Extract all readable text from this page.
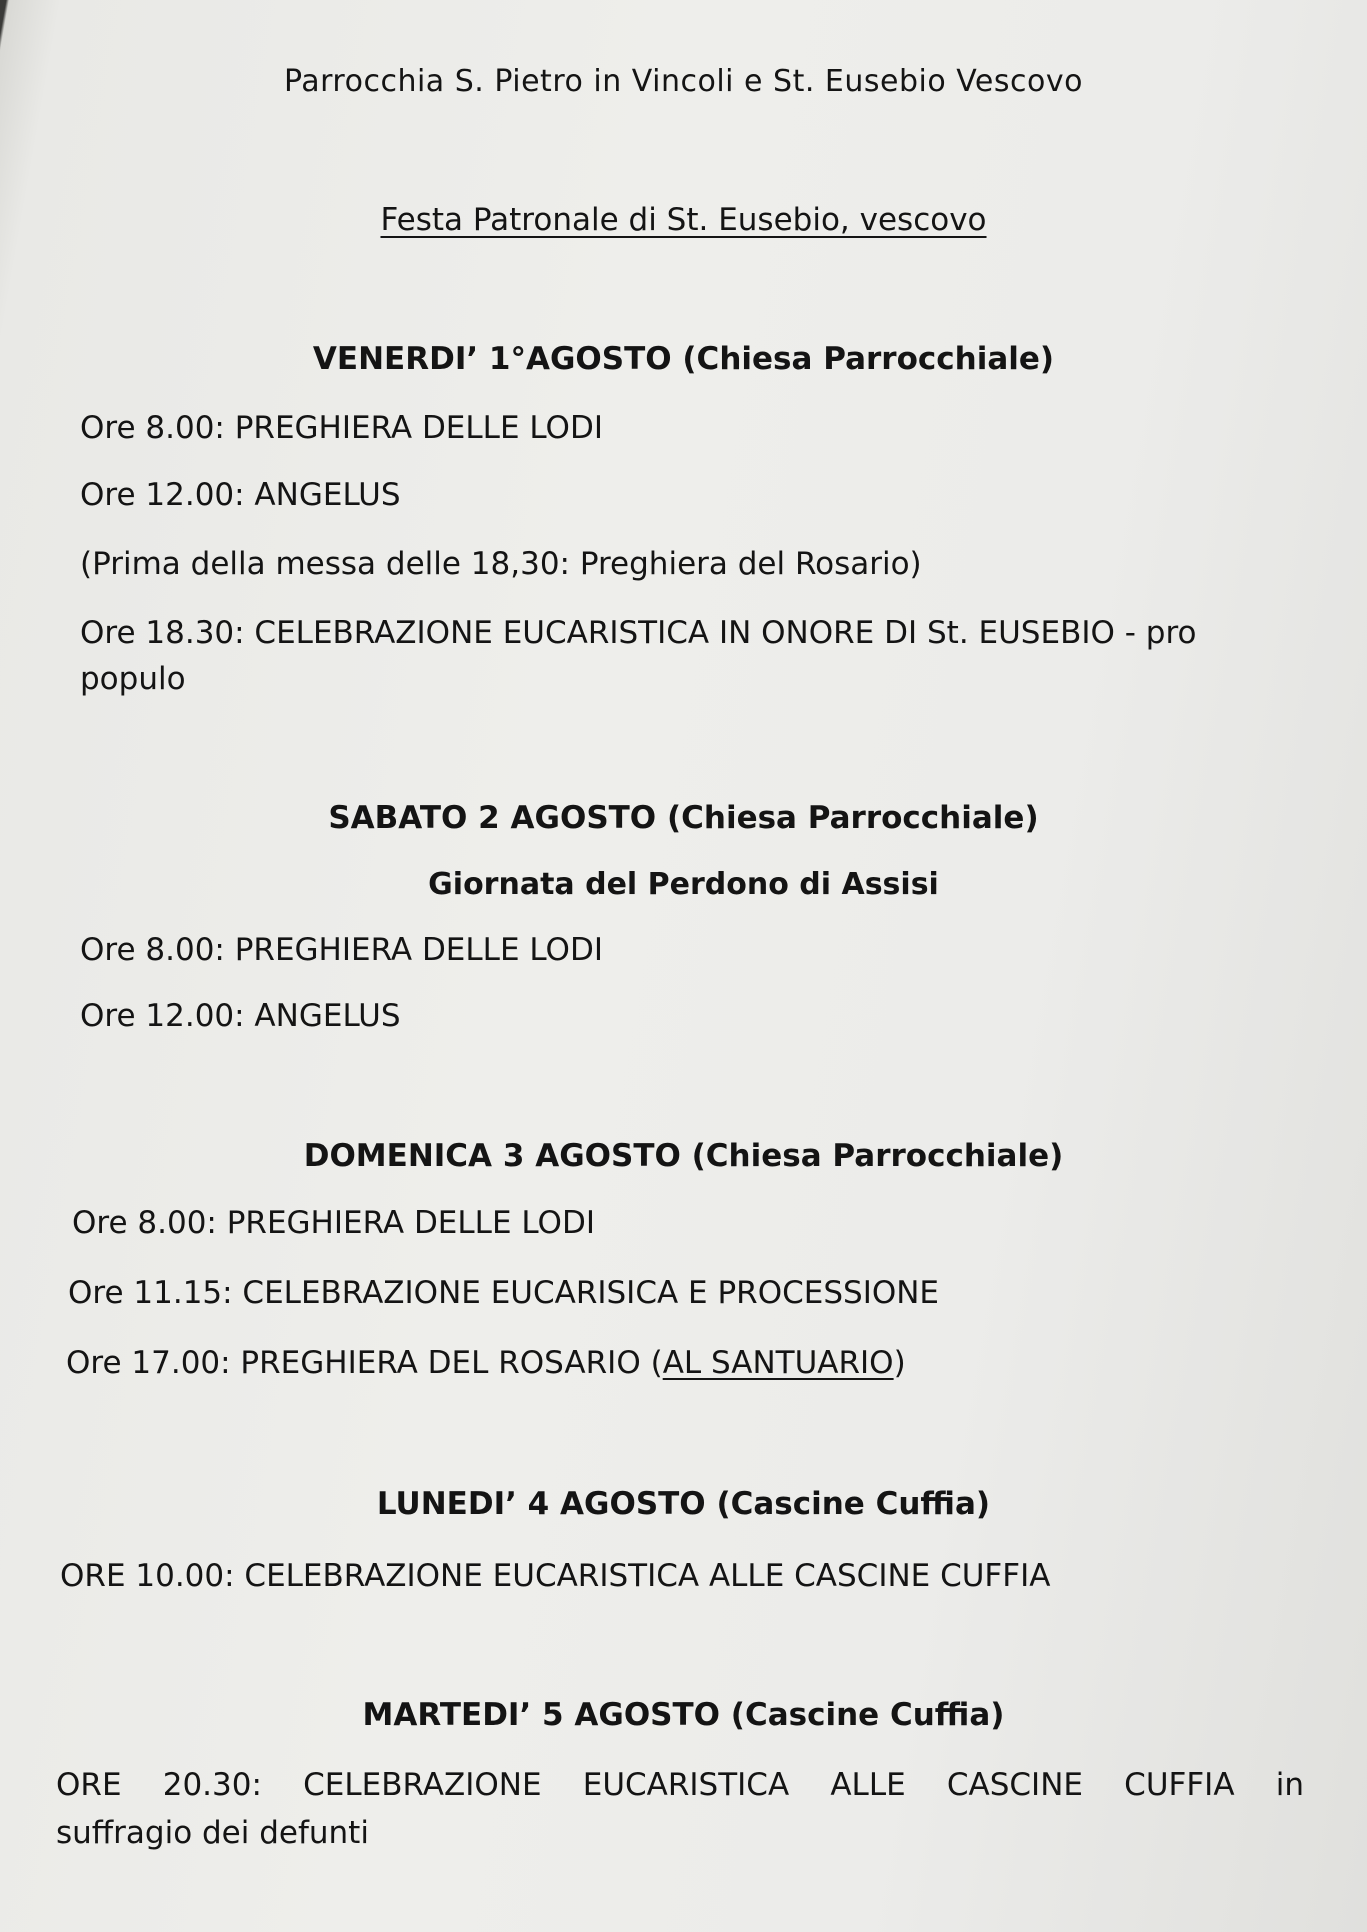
Parrocchia S. Pietro in Vincoli e St. Eusebio Vescovo
Festa Patronale di St. Eusebio, vescovo
VENERDI’ 1°AGOSTO (Chiesa Parrocchiale)
Ore 8.00: PREGHIERA DELLE LODI
Ore 12.00: ANGELUS
(Prima della messa delle 18,30: Preghiera del Rosario)
Ore 18.30: CELEBRAZIONE EUCARISTICA IN ONORE DI St. EUSEBIO - pro
populo
SABATO 2 AGOSTO (Chiesa Parrocchiale)
Giornata del Perdono di Assisi
Ore 8.00: PREGHIERA DELLE LODI
Ore 12.00: ANGELUS
DOMENICA 3 AGOSTO (Chiesa Parrocchiale)
Ore 8.00: PREGHIERA DELLE LODI
Ore 11.15: CELEBRAZIONE EUCARISICA E PROCESSIONE
Ore 17.00: PREGHIERA DEL ROSARIO (AL SANTUARIO)
LUNEDI’ 4 AGOSTO (Cascine Cuffia)
ORE 10.00: CELEBRAZIONE EUCARISTICA ALLE CASCINE CUFFIA
MARTEDI’ 5 AGOSTO (Cascine Cuffia)
ORE 20.30: CELEBRAZIONE EUCARISTICA ALLE CASCINE CUFFIA in
suffragio dei defunti
